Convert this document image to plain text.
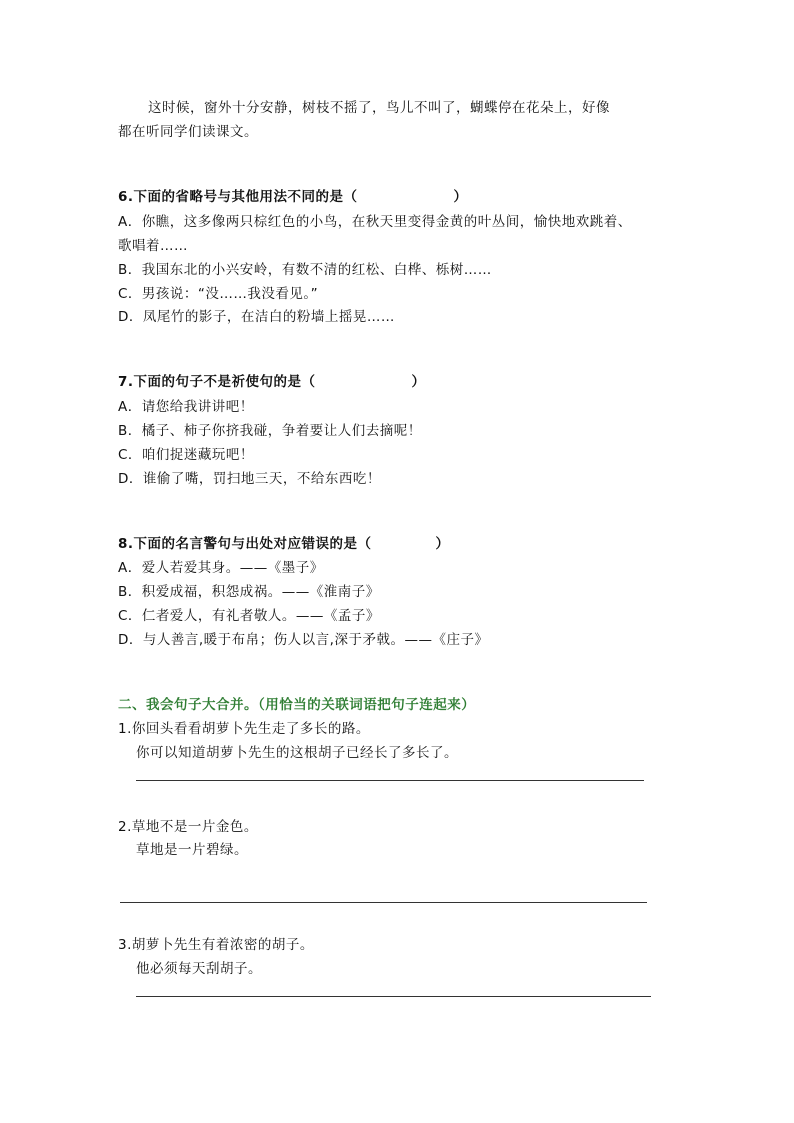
这时候，窗外十分安静，树枝不摇了，鸟儿不叫了，蝴蝶停在花朵上，好像
都在听同学们读课文。
6.下面的省略号与其他用法不同的是（	）
A．你瞧，这多像两只棕红色的小鸟，在秋天里变得金黄的叶丛间，愉快地欢跳着、
歌唱着……
B．我国东北的小兴安岭，有数不清的红松、白桦、栎树……
C．男孩说：“没……我没看见。”
D．凤尾竹的影子，在洁白的粉墙上摇晃……
7.下面的句子不是祈使句的是（	）
A．请您给我讲讲吧！
B．橘子、柿子你挤我碰，争着要让人们去摘呢！
C．咱们捉迷藏玩吧！
D．谁偷了嘴，罚扫地三天，不给东西吃！
8.下面的名言警句与出处对应错误的是（	）
A．爱人若爱其身。——《墨子》
B．积爱成福，积怨成祸。——《淮南子》
C．仁者爱人，有礼者敬人。——《孟子》
D．与人善言,暖于布帛；伤人以言,深于矛戟。——《庄子》
二、我会句子大合并。（用恰当的关联词语把句子连起来）
1.你回头看看胡萝卜先生走了多长的路。
你可以知道胡萝卜先生的这根胡子已经长了多长了。
2.草地不是一片金色。
草地是一片碧绿。
3.胡萝卜先生有着浓密的胡子。
他必须每天刮胡子。
